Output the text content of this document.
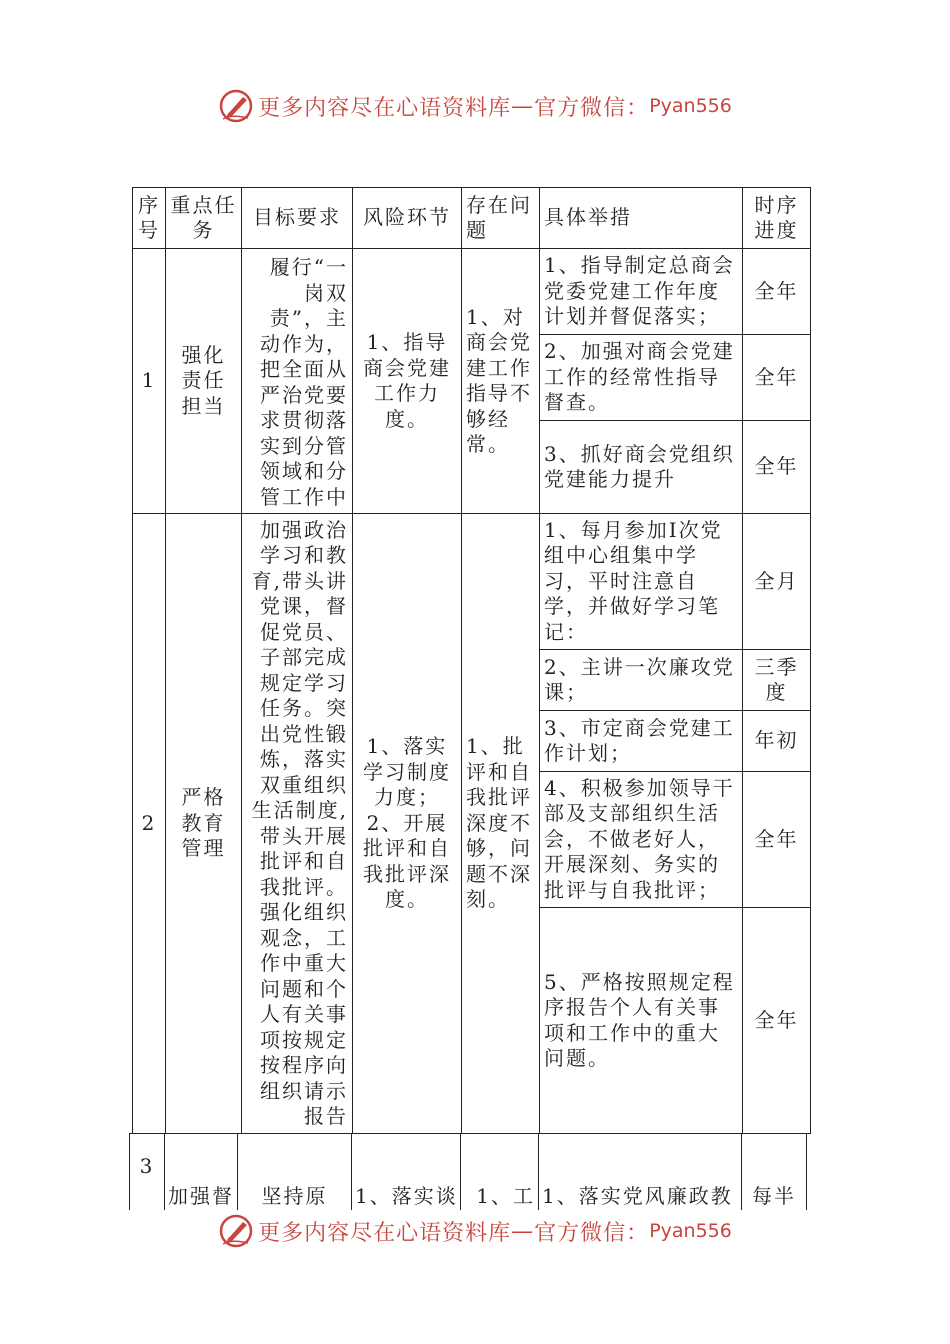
更多内容尽在心语资料库 — 官方微信： Pyan556
序号	重点任务	目标要求	风险环节	存在问题	具体举措	时序进度
1	强化责任担当	履行“一岗双责”，主动作为，把全面从严治党要求贯彻落实到分管领域和分管工作中	1、指导商会党建工作力度。	1、对商会党建工作指导不够经常。	1、指导制定总商会党委党建工作年度计划并督促落实；	全年
					2、加强对商会党建工作的经常性指导督查。	全年
					3、抓好商会党组织党建能力提升	全年
2	严格教育管理	加强政治学习和教育,带头讲党课，督促党员、子部完成规定学习任务。突出党性锻炼，落实双重组织生活制度,带头开展批评和自我批评。强化组织观念，工作中重大问题和个人有关事项按规定按程序向组织请示报告	1、落实学习制度力度；2、开展批评和自我批评深度。	1、批评和自我批评深度不够，问题不深刻。	1、每月参加Ⅰ次党组中心组集中学习，平时注意自学，并做好学习笔记：	全月
					2、主讲一次廉攻党课；	三季度
					3、市定商会党建工作计划；	年初
					4、积极参加领导干部及支部组织生活会，不做老好人，开展深刻、务实的批评与自我批评；	全年
					5、严格按照规定程序报告个人有关事项和工作中的重大问题。	全年
3	加强督	坚持原	1、落实谈	1、工	1、落实党风廉政教	每半
更多内容尽在心语资料库 — 官方微信： Pyan556
